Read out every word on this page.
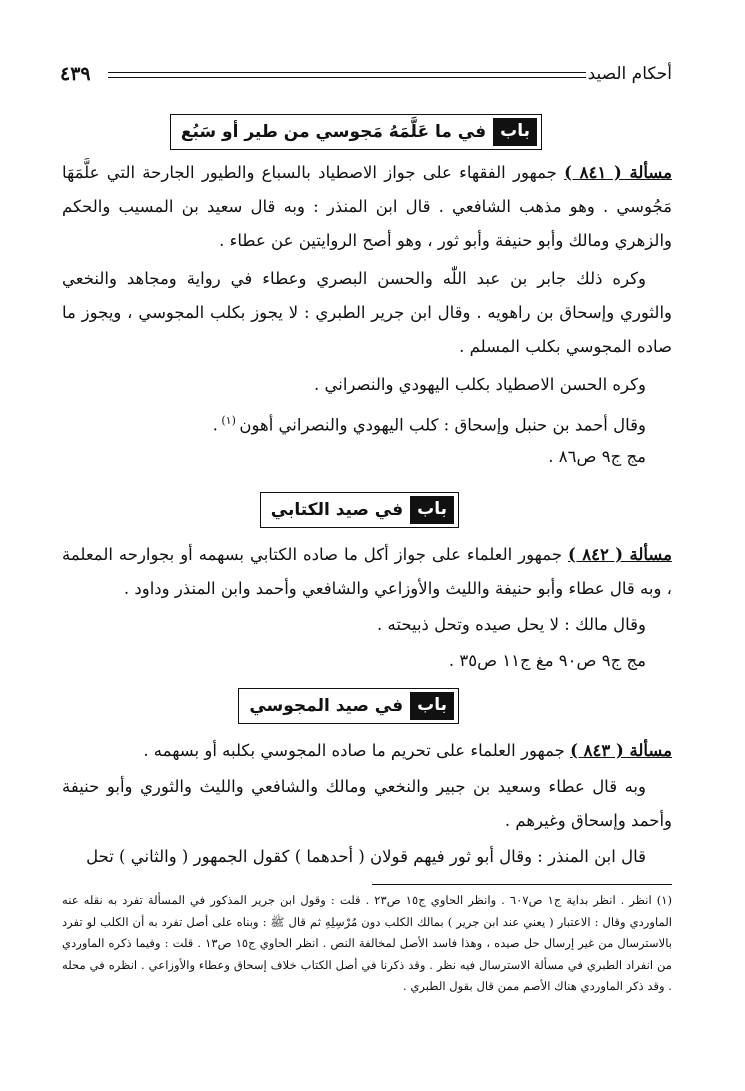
أحكام الصيد
٤٣٩
باب
في ما عَلَّمَهُ مَجوسي من طير أو سَبُع

مسألة ( ٨٤١ ) جمهور الفقهاء على جواز الاصطياد بالسباع والطيور الجارحة التي علَّمَهَا مَجُوسي . وهو مذهب الشافعي . قال ابن المنذر : وبه قال سعيد بن المسيب والحكم والزهري ومالك وأبو حنيفة وأبو ثور ، وهو أصح الروايتين عن عطاء .

وكره ذلك جابر بن عبد اللّٰه والحسن البصري وعطاء في رواية ومجاهد والنخعي والثوري وإسحاق بن راهويه . وقال ابن جرير الطبري : لا يجوز بكلب المجوسي ، ويجوز ما صاده المجوسي بكلب المسلم .

وكره الحسن الاصطياد بكلب اليهودي والنصراني .

وقال أحمد بن حنبل وإسحاق : كلب اليهودي والنصراني أهون $^{(١)}$ .

مج ج٩ ص٨٦ .

باب
في صيد الكتابي

مسألة ( ٨٤٢ ) جمهور العلماء على جواز أكل ما صاده الكتابي بسهمه أو بجوارحه المعلمة ، وبه قال عطاء وأبو حنيفة والليث والأوزاعي والشافعي وأحمد وابن المنذر وداود .

وقال مالك : لا يحل صيده وتحل ذبيحته .

مج ج٩ ص٩٠ مغ ج١١ ص٣٥ .

باب
في صيد المجوسي

مسألة ( ٨٤٣ ) جمهور العلماء على تحريم ما صاده المجوسي بكلبه أو بسهمه .

وبه قال عطاء وسعيد بن جبير والنخعي ومالك والشافعي والليث والثوري وأبو حنيفة وأحمد وإسحاق وغيرهم .

قال ابن المنذر : وقال أبو ثور فيهم قولان ( أحدهما ) كقول الجمهور ( والثاني ) تحل

(١) انظر . انظر بداية ج١ ص٦٠٧ . وانظر الحاوي ج١٥ ص٢٣ . قلت : وقول ابن جرير المذكور في المسألة تفرد به نقله عنه الماوردي وقال : الاعتبار ( يعني عند ابن جرير ) بمالك الكلب دون مُرْسِلِهِ ثم قال ﷺ : وبناه على أصل تفرد به أن الكلب لو تفرد بالاسترسال من غير إرسال حل صيده ، وهذا فاسد الأصل لمخالفة النص . انظر الحاوي ج١٥ ص١٣ . قلت : وفيما ذكره الماوردي من انفراد الطبري في مسألة الاسترسال فيه نظر . وقد ذكرنا في أصل الكتاب خلاف إسحاق وعطاء والأوزاعي . انظره في محله . وقد ذكر الماوردي هناك الأصم ممن قال بقول الطبري .
